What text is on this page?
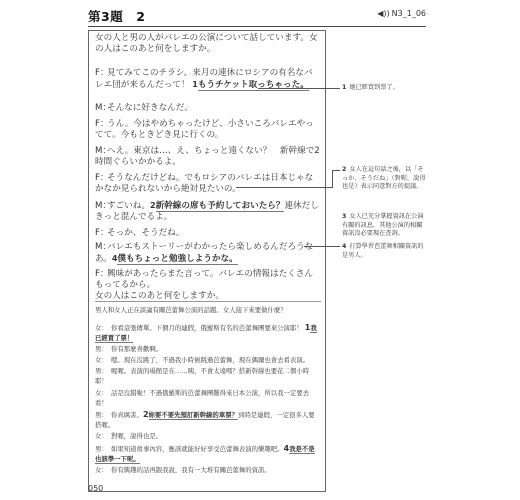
第3題　2	◀)) N3_1_06
女の人と男の人がバレエの公演について話しています。女の人はこのあと何をしますか。
F：見てみてこのチラシ。来月の連休にロシアの有名なバレエ団が来るんだって！ 1もうチケット取っちゃった。
M：そんなに好きなんだ。
F：うん。今はやめちゃったけど、小さいころバレエやってて。今もときどき見に行くの。
M：へえ。東京は…、え、ちょっと遠くない？　新幹線で2時間ぐらいかかるよ。
F：そうなんだけどね。でもロシアのバレエは日本じゃなかなか見られないから絶対見たいの。
M：すごいね。2新幹線の席も予約しておいたら？連休だしきっと混んでるよ。
F：そっか、そうだね。
M：バレエもストーリーがわかったら楽しめるんだろうなあ。4僕もちょっと勉強しようかな。
F：興味があったらまた言って。バレエの情報はたくさんもってるから。
女の人はこのあと何をしますか。
男人和女人正在談論有關芭蕾舞公演的話題。女人接下來要做什麼？
女： 你看這張傳單。下個月的連假，俄羅斯有名的芭蕾舞團要來公演耶！ 1我已經買了票！
男： 你有那麼喜歡啊。
女： 嗯。現在沒跳了，不過我小時候跳過芭蕾舞，現在偶爾也會去看表演。
男： 喔喔。表演的場館是在……咦，不會太遠嗎？搭新幹線也要花二個小時耶！
女： 話是沒錯啦！不過俄羅斯的芭蕾舞團難得來日本公演，所以我一定要去看！
男： 你真厲害。2妳要不要先預訂新幹線的車票？到時是連假，一定很多人要搭喔。
女： 對喔，說得也是。
男： 如果知道故事內容，應該就能好好享受芭蕾舞表演的樂趣吧。4我是不是也該學一下呢。
女： 你有興趣的話再跟我說，我有一大堆有關芭蕾舞的資訊。
1 她已經買到票了。
2 女人在這句話之後，以「そっか、そうだね」（對喔，說得也是）表示同意對方的提議。
3 女人已充分掌握資訊在公演有關的訊息，其他公演的相關資訊沒必要現在查詢。
4 打算學習芭蕾舞相關資訊的是男人。
050
